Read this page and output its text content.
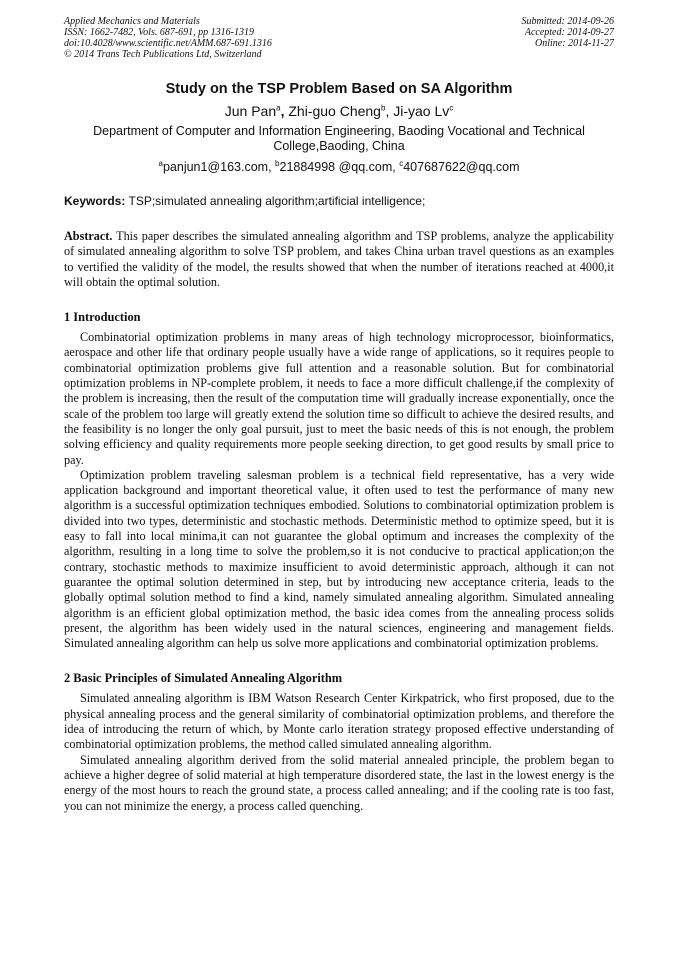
Applied Mechanics and Materials
ISSN: 1662-7482, Vols. 687-691, pp 1316-1319
doi:10.4028/www.scientific.net/AMM.687-691.1316
© 2014 Trans Tech Publications Ltd, Switzerland
Submitted: 2014-09-26
Accepted: 2014-09-27
Online: 2014-11-27
Study on the TSP Problem Based on SA Algorithm
Jun Pan$^a$, Zhi-guo Cheng$^b$, Ji-yao Lv$^c$
Department of Computer and Information Engineering, Baoding Vocational and Technical College,Baoding, China
$^a$panjun1@163.com, $^b$21884998 @qq.com, $^c$407687622@qq.com
Keywords: TSP;simulated annealing algorithm;artificial intelligence;
Abstract. This paper describes the simulated annealing algorithm and TSP problems, analyze the applicability of simulated annealing algorithm to solve TSP problem, and takes China urban travel questions as an examples to vertified the validity of the model, the results showed that when the number of iterations reached at 4000,it will obtain the optimal solution.
1 Introduction

Combinatorial optimization problems in many areas of high technology microprocessor, bioinformatics, aerospace and other life that ordinary people usually have a wide range of applications, so it requires people to combinatorial optimization problems give full attention and a reasonable solution. But for combinatorial optimization problems in NP-complete problem, it needs to face a more difficult challenge,if the complexity of the problem is increasing, then the result of the computation time will gradually increase exponentially, once the scale of the problem too large will greatly extend the solution time so difficult to achieve the desired results, and the feasibility is no longer the only goal pursuit, just to meet the basic needs of this is not enough, the problem solving efficiency and quality requirements more people seeking direction, to get good results by small price to pay.

Optimization problem traveling salesman problem is a technical field representative, has a very wide application background and important theoretical value, it often used to test the performance of many new algorithm is a successful optimization techniques embodied. Solutions to combinatorial optimization problem is divided into two types, deterministic and stochastic methods. Deterministic method to optimize speed, but it is easy to fall into local minima,it can not guarantee the global optimum and increases the complexity of the algorithm, resulting in a long time to solve the problem,so it is not conducive to practical application;on the contrary, stochastic methods to maximize insufficient to avoid deterministic approach, although it can not guarantee the optimal solution determined in step, but by introducing new acceptance criteria, leads to the globally optimal solution method to find a kind, namely simulated annealing algorithm. Simulated annealing algorithm is an efficient global optimization method, the basic idea comes from the annealing process solids present, the algorithm has been widely used in the natural sciences, engineering and management fields. Simulated annealing algorithm can help us solve more applications and combinatorial optimization problems.

2 Basic Principles of Simulated Annealing Algorithm

Simulated annealing algorithm is IBM Watson Research Center Kirkpatrick, who first proposed, due to the physical annealing process and the general similarity of combinatorial optimization problems, and therefore the idea of introducing the return of which, by Monte carlo iteration strategy proposed effective understanding of combinatorial optimization problems, the method called simulated annealing algorithm.

Simulated annealing algorithm derived from the solid material annealed principle, the problem began to achieve a higher degree of solid material at high temperature disordered state, the last in the lowest energy is the energy of the most hours to reach the ground state, a process called annealing; and if the cooling rate is too fast, you can not minimize the energy, a process called quenching.
